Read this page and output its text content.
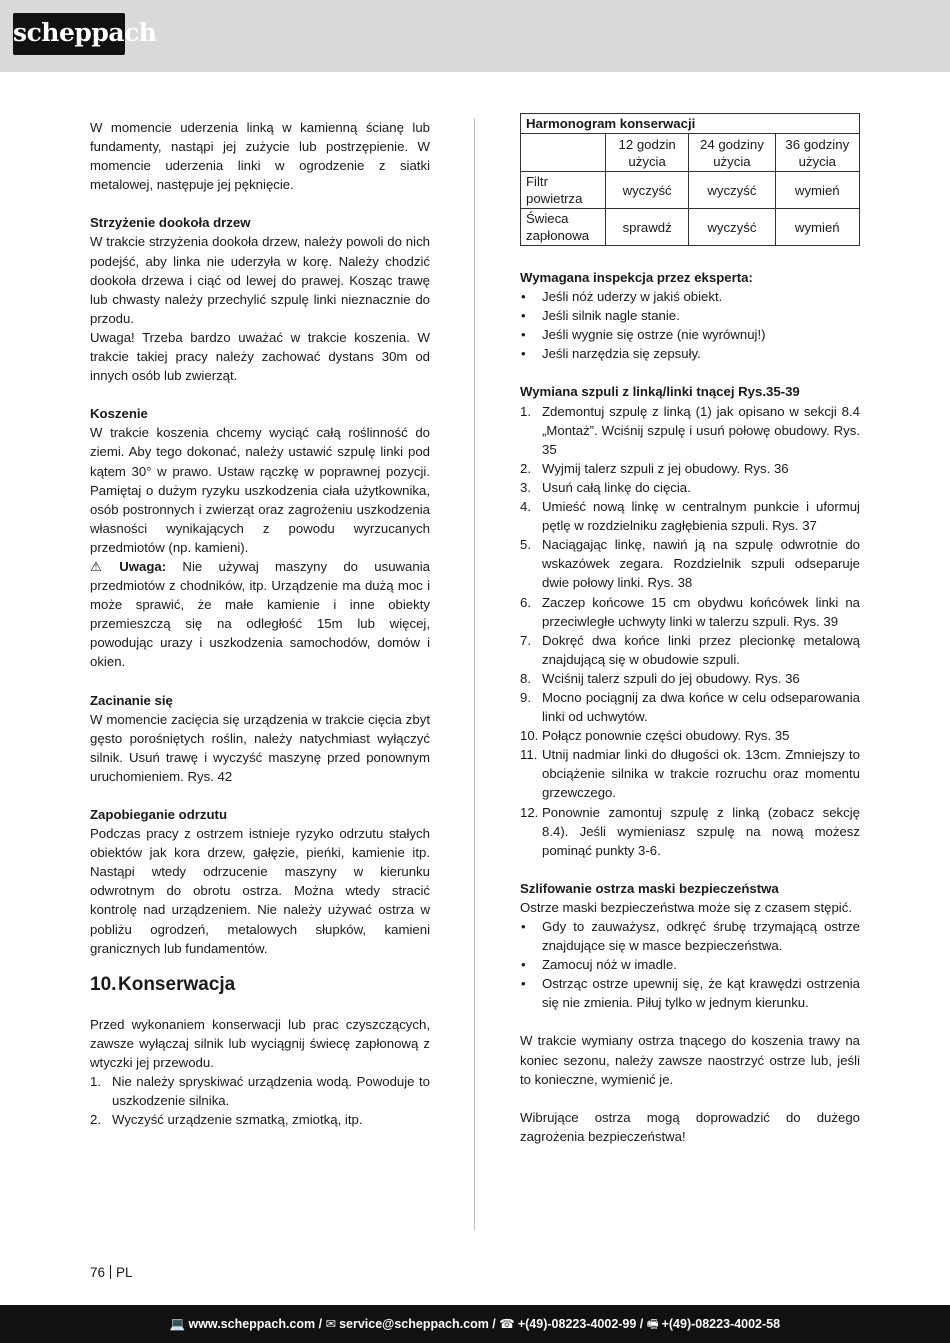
scheppach

W momencie uderzenia linką w kamienną ścianę lub fundamenty, nastąpi jej zużycie lub postrzępienie. W momencie uderzenia linki w ogrodzenie z siatki metalowej, następuje jej pęknięcie.

Strzyżenie dookoła drzew

W trakcie strzyżenia dookoła drzew, należy powoli do nich podejść, aby linka nie uderzyła w korę. Należy chodzić dookoła drzewa i ciąć od lewej do prawej. Kosząc trawę lub chwasty należy przechylić szpulę linki nieznacznie do przodu.

Uwaga! Trzeba bardzo uważać w trakcie koszenia. W trakcie takiej pracy należy zachować dystans 30m od innych osób lub zwierząt.

Koszenie

W trakcie koszenia chcemy wyciąć całą roślinność do ziemi. Aby tego dokonać, należy ustawić szpulę linki pod kątem 30° w prawo. Ustaw rączkę w poprawnej pozycji. Pamiętaj o dużym ryzyku uszkodzenia ciała użytkownika, osób postronnych i zwierząt oraz zagrożeniu uszkodzenia własności wynikających z powodu wyrzucanych przedmiotów (np. kamieni).

⚠ Uwaga: Nie używaj maszyny do usuwania przedmiotów z chodników, itp. Urządzenie ma dużą moc i może sprawić, że małe kamienie i inne obiekty przemieszczą się na odległość 15m lub więcej, powodując urazy i uszkodzenia samochodów, domów i okien.

Zacinanie się

W momencie zacięcia się urządzenia w trakcie cięcia zbyt gęsto porośniętych roślin, należy natychmiast wyłączyć silnik. Usuń trawę i wyczyść maszynę przed ponownym uruchomieniem. Rys. 42

Zapobieganie odrzutu

Podczas pracy z ostrzem istnieje ryzyko odrzutu stałych obiektów jak kora drzew, gałęzie, pieńki, kamienie itp. Nastąpi wtedy odrzucenie maszyny w kierunku odwrotnym do obrotu ostrza. Można wtedy stracić kontrolę nad urządzeniem. Nie należy używać ostrza w pobliżu ogrodzeń, metalowych słupków, kamieni granicznych lub fundamentów.

10.Konserwacja

Przed wykonaniem konserwacji lub prac czyszczących, zawsze wyłączaj silnik lub wyciągnij świecę zapłonową z wtyczki jej przewodu.

1. Nie należy spryskiwać urządzenia wodą. Powoduje to uszkodzenie silnika.
2. Wyczyść urządzenie szmatką, zmiotką, itp.
Harmonogram konserwacji			
	12 godzin użycia	24 godziny użycia	36 godziny użycia
Filtr powietrza	wyczyść	wyczyść	wymień
Świeca zapłonowa	sprawdź	wyczyść	wymień

Wymagana inspekcja przez eksperta:

• Jeśli nóż uderzy w jakiś obiekt.
• Jeśli silnik nagle stanie.
• Jeśli wygnie się ostrze (nie wyrównuj!)
• Jeśli narzędzia się zepsuły.

Wymiana szpuli z linką/linki tnącej Rys.35-39

1. Zdemontuj szpulę z linką (1) jak opisano w sekcji 8.4 „Montaż”. Wciśnij szpulę i usuń połowę obudowy. Rys. 35
2. Wyjmij talerz szpuli z jej obudowy. Rys. 36
3. Usuń całą linkę do cięcia.
4. Umieść nową linkę w centralnym punkcie i uformuj pętlę w rozdzielniku zagłębienia szpuli. Rys. 37
5. Naciągając linkę, nawiń ją na szpulę odwrotnie do wskazówek zegara. Rozdzielnik szpuli odseparuje dwie połowy linki. Rys. 38
6. Zaczep końcowe 15 cm obydwu końcówek linki na przeciwległe uchwyty linki w talerzu szpuli. Rys. 39
7. Dokręć dwa końce linki przez plecionkę metalową znajdującą się w obudowie szpuli.
8. Wciśnij talerz szpuli do jej obudowy. Rys. 36
9. Mocno pociągnij za dwa końce w celu odseparowania linki od uchwytów.
10. Połącz ponownie części obudowy. Rys. 35
11. Utnij nadmiar linki do długości ok. 13cm. Zmniejszy to obciążenie silnika w trakcie rozruchu oraz momentu grzewczego.
12. Ponownie zamontuj szpulę z linką (zobacz sekcję 8.4). Jeśli wymieniasz szpulę na nową możesz pominąć punkty 3-6.

Szlifowanie ostrza maski bezpieczeństwa

Ostrze maski bezpieczeństwa może się z czasem stępić.

• Gdy to zauważysz, odkręć śrubę trzymającą ostrze znajdujące się w masce bezpieczeństwa.
• Zamocuj nóż w imadle.
• Ostrząc ostrze upewnij się, że kąt krawędzi ostrzenia się nie zmienia. Piłuj tylko w jednym kierunku.

W trakcie wymiany ostrza tnącego do koszenia trawy na koniec sezonu, należy zawsze naostrzyć ostrze lub, jeśli to konieczne, wymienić je.

Wibrujące ostrza mogą doprowadzić do dużego zagrożenia bezpieczeństwa!

76 PL
💻 www.scheppach.com / ✉ service@scheppach.com / ☎ +(49)-08223-4002-99 / 🖷 +(49)-08223-4002-58
